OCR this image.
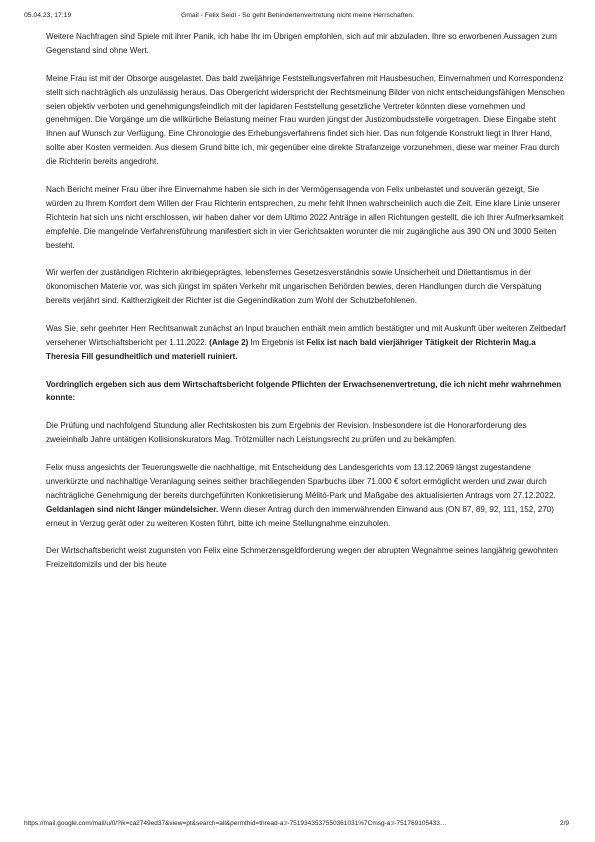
05.04.23, 17:19	Gmail - Felix Seidl - So geht Behindertenvertretung nicht meine Herrschaften.

Weitere Nachfragen sind Spiele mit ihrer Panik, ich habe Ihr im Übrigen empfohlen, sich auf mir abzuladen. Ihre so erworbenen Aussagen zum Gegenstand sind ohne Wert.

Meine Frau ist mit der Obsorge ausgelastet. Das bald zweijährige Feststellungsverfahren mit Hausbesuchen, Einvernahmen und Korrespondenz stellt sich nachträglich als unzulässig heraus. Das Obergericht widerspricht der Rechtsmeinung Bilder von nicht entscheidungsfähigen Menschen seien objektiv verboten und genehmigungsfeindlich mit der lapidaren Feststellung gesetzliche Vertreter könnten diese vornehmen und genehmigen. Die Vorgänge um die willkürliche Belastung meiner Frau wurden jüngst der Justizombudsstelle vorgetragen. Diese Eingabe steht Ihnen auf Wunsch zur Verfügung. Eine Chronologie des Erhebungsverfahrens findet sich hier. Das nun folgende Konstrukt liegt in Ihrer Hand, sollte aber Kosten vermeiden. Aus diesem Grund bitte ich, mir gegenüber eine direkte Strafanzeige vorzunehmen, diese war meiner Frau durch die Richterin bereits angedroht.

Nach Bericht meiner Frau über ihre Einvernahme haben sie sich in der Vermögensagenda von Felix unbelastet und souverän gezeigt, Sie würden zu Ihrem Komfort dem Willen der Frau Richterin entsprechen, zu mehr fehlt Ihnen wahrscheinlich auch die Zeit. Eine klare Linie unserer Richterin hat sich uns nicht erschlossen, wir haben daher vor dem Ultimo 2022 Anträge in allen Richtungen gestellt, die ich Ihrer Aufmerksamkeit empfehle. Die mangelnde Verfahrensführung manifestiert sich in vier Gerichtsakten worunter die mir zugängliche aus 390 ON und 3000 Seiten besteht.

Wir werfen der zuständigen Richterin akribiegeprägtes, lebensfernes Gesetzesverständnis sowie Unsicherheit und Dilettantismus in der ökonomischen Materie vor, was sich jüngst im späten Verkehr mit ungarischen Behörden bewies, deren Handlungen durch die Verspätung bereits verjährt sind. Kaltherzigkeit der Richter ist die Gegenindikation zum Wohl der Schutzbefohlenen.

Was Sie, sehr geehrter Herr Rechtsanwalt zunächst an Input brauchen enthält mein amtlich bestätigter und mit Auskunft über weiteren Zeitbedarf versehener Wirtschaftsbericht per 1.11.2022. (Anlage 2) Im Ergebnis ist Felix ist nach bald vierjähriger Tätigkeit der Richterin Mag.a Theresia Fill gesundheitlich und materiell ruiniert.

Vordringlich ergeben sich aus dem Wirtschaftsbericht folgende Pflichten der Erwachsenenvertretung, die ich nicht mehr wahrnehmen konnte:

Die Prüfung und nachfolgend Stundung aller Rechtskosten bis zum Ergebnis der Revision. Insbesondere ist die Honorarforderung des zweieinhalb Jahre untätigen Kollisionskurators Mag. Trötzmüller nach Leistungsrecht zu prüfen und zu bekämpfen.

Felix muss angesichts der Teuerungswelle die nachhaltige, mit Entscheidung des Landesgerichts vom 13.12.2069 längst zugestandene unverkürzte und nachhaltige Veranlagung seines seither brachliegenden Sparbuchs über 71.000 € sofort ermöglicht werden und zwar durch nachträgliche Genehmigung der bereits durchgeführten Konkretisierung Mélitó-Park und Maßgabe des aktualisierten Antrags vom 27.12.2022. Geldanlagen sind nicht länger mündelsicher. Wenn dieser Antrag durch den immerwährenden Einwand aus (ON 87, 89, 92, 111, 152, 270) erneut in Verzug gerät oder zu weiteren Kosten führt, bitte ich meine Stellungnahme einzuholen.

Der Wirtschaftsbericht weist zugunsten von Felix eine Schmerzensgeldforderung wegen der abrupten Wegnahme seines langjährig gewohnten Freizeitdomizils und der bis heute

https://mail.google.com/mail/u/0/?ik=ca2749ed37&view=pt&search=all&permthid=thread-a:r-7519343537550361031%7Cmsg-a:r-751769105433…	2/9
